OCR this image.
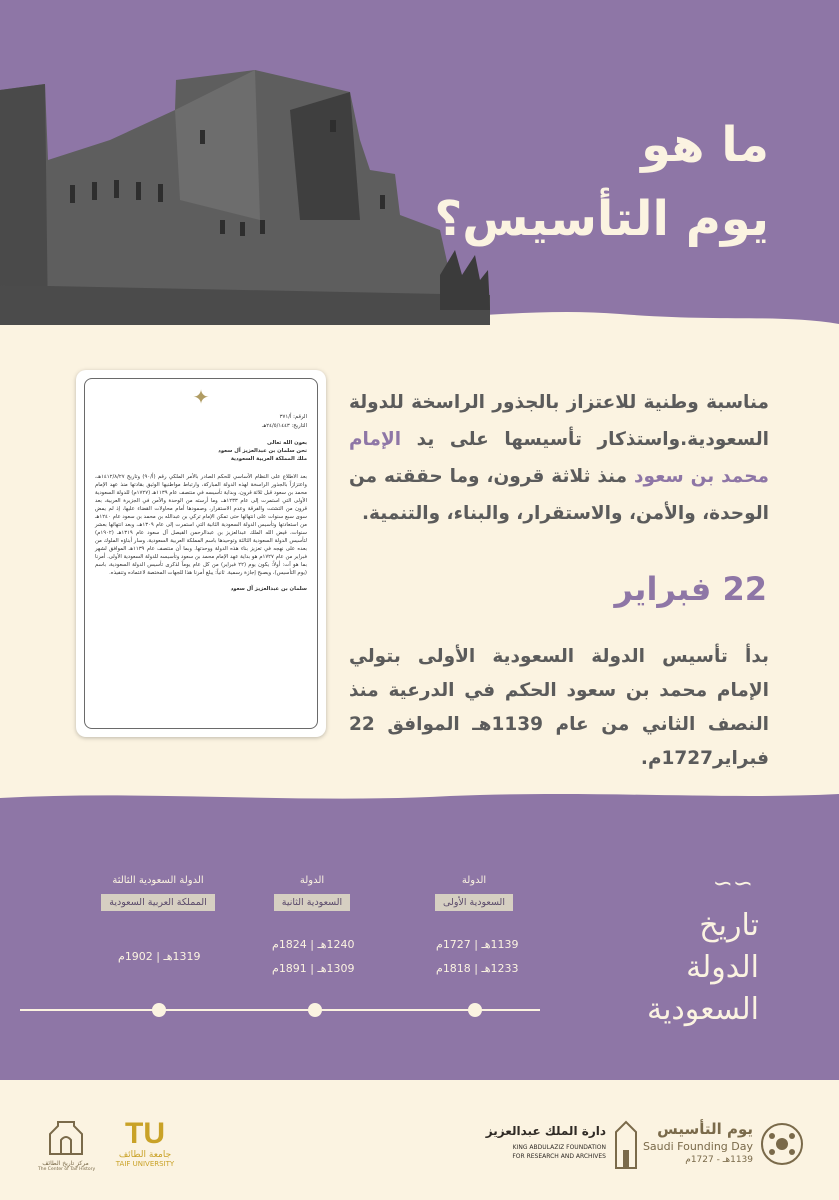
ما هو
يوم التأسيس؟
✦
الرقم: أ/٣٧١
التاريخ: ٢٤/٥/١٤٤٣هـ
بعون الله تعالى
نحن سلمان بن عبدالعزيز آل سعود
ملك المملكة العربية السعودية
بعد الاطلاع على النظام الأساسي للحكم الصادر بالأمر الملكي رقم (أ/٩٠) وتاريخ ١٤١٢/٨/٢٧هـ، واعتزازاً بالجذور الراسخة لهذه الدولة المباركة، وارتباط مواطنيها الوثيق بقادتها منذ عهد الإمام محمد بن سعود قبل ثلاثة قرون، وبداية تأسيسه في منتصف عام ١١٣٩هـ (١٧٢٧م) للدولة السعودية الأولى التي استمرت إلى عام ١٢٣٣هـ، وما أرسته من الوحدة والأمن في الجزيرة العربية، بعد قرون من التشتت والفرقة وعدم الاستقرار، وصمودها أمام محاولات القضاء عليها، إذ لم يمض سوى سبع سنوات على انتهائها حتى تمكن الإمام تركي بن عبدالله بن محمد بن سعود عام ١٢٤٠هـ من استعادتها وتأسيس الدولة السعودية الثانية التي استمرت إلى عام ١٣٠٩هـ، وبعد انتهائها بعشر سنوات، قيض الله الملك عبدالعزيز بن عبدالرحمن الفيصل آل سعود عام ١٣١٩هـ (١٩٠٢م) لتأسيس الدولة السعودية الثالثة وتوحيدها باسم المملكة العربية السعودية، وسار أبناؤه الملوك من بعده على نهجه في تعزيز بناء هذه الدولة ووحدتها. وبما أن منتصف عام ١١٣٩هـ الموافق لشهر فبراير من عام ١٧٢٧م هو بداية عهد الإمام محمد بن سعود وتأسيسه للدولة السعودية الأولى. أمرنا بما هو آت: أولاً: يكون يوم (٢٢ فبراير) من كل عام يوماً لذكرى تأسيس الدولة السعودية، باسم (يوم التأسيس)، ويصبح إجازة رسمية. ثانياً: يبلغ أمرنا هذا للجهات المختصة لاعتماده وتنفيذه.
سلمان بن عبدالعزيز آل سعود
مناسبة وطنية للاعتزاز بالجذور الراسخة للدولة السعودية.واستذكار تأسيسها على يد الإمام محمد بن سعود منذ ثلاثة قرون، وما حققته من الوحدة، والأمن، والاستقرار، والبناء، والتنمية.
22 فبراير
بدأ تأسيس الدولة السعودية الأولى بتولي الإمام محمد بن سعود الحكم في الدرعية منذ النصف الثاني من عام 1139هـ الموافق 22 فبراير1727م.
∽∽
تاريخ
الدولة
السعودية
الدولة
السعودية الأولى
1139هـ | 1727م
1233هـ | 1818م
الدولة
السعودية الثانية
1240هـ | 1824م
1309هـ | 1891م
الدولة السعودية الثالثة
المملكة العربية السعودية
1319هـ | 1902م
يوم التأسيس
Saudi Founding Day
1139هـ - 1727م
دارة الملك عبدالعزيز
KING ABDULAZIZ FOUNDATION
FOR RESEARCH AND ARCHIVES
TU
جامعة الطائف
TAIF UNIVERSITY
مركز تاريخ الطائف
The Center of Taif History
